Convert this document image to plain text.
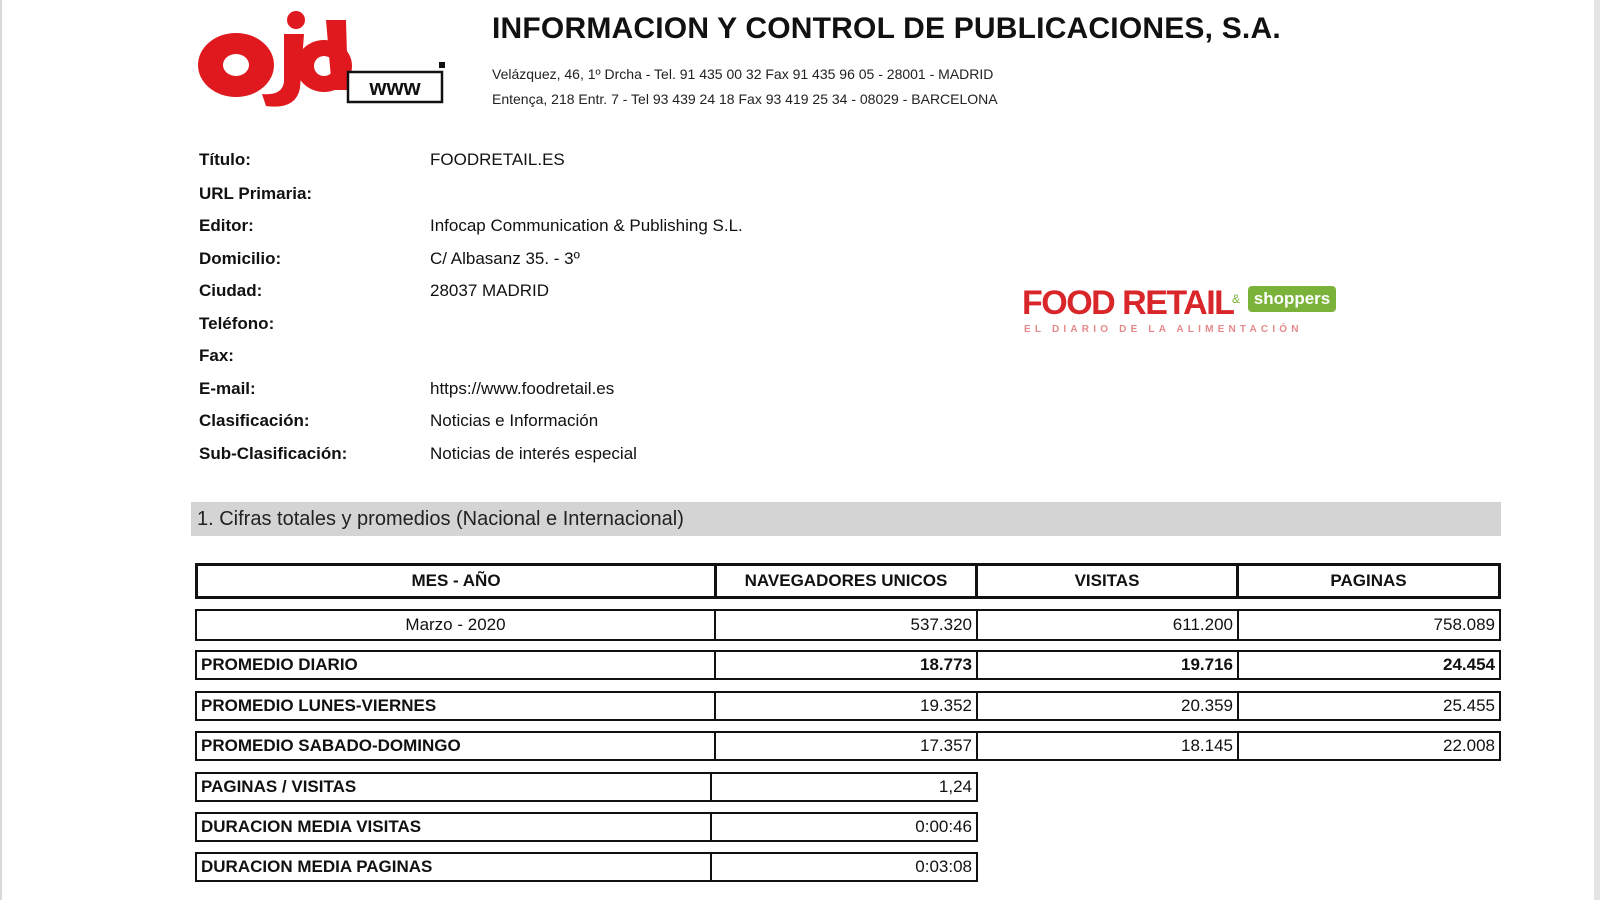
www
INFORMACION Y CONTROL DE PUBLICACIONES, S.A.
Velázquez, 46, 1º Drcha - Tel. 91 435 00 32 Fax 91 435 96 05 - 28001 - MADRID
Entença, 218 Entr. 7 - Tel 93 439 24 18 Fax 93 419 25 34 - 08029 - BARCELONA
Título:	FOODRETAIL.ES
URL Primaria:
Editor:	Infocap Communication & Publishing S.L.
Domicilio:	C/ Albasanz 35. - 3º
Ciudad:	28037 MADRID
Teléfono:
Fax:
E-mail:	https://www.foodretail.es
Clasificación:	Noticias e Información
Sub-Clasificación:	Noticias de interés especial
FOOD RETAIL
& shoppers
EL DIARIO DE LA ALIMENTACIÓN
1. Cifras totales y promedios (Nacional e Internacional)
MES - AÑO	NAVEGADORES UNICOS	VISITAS	PAGINAS
Marzo - 2020	537.320	611.200	758.089
PROMEDIO DIARIO	18.773	19.716	24.454
PROMEDIO LUNES-VIERNES	19.352	20.359	25.455
PROMEDIO SABADO-DOMINGO	17.357	18.145	22.008
PAGINAS / VISITAS	1,24
DURACION MEDIA VISITAS	0:00:46
DURACION MEDIA PAGINAS	0:03:08
